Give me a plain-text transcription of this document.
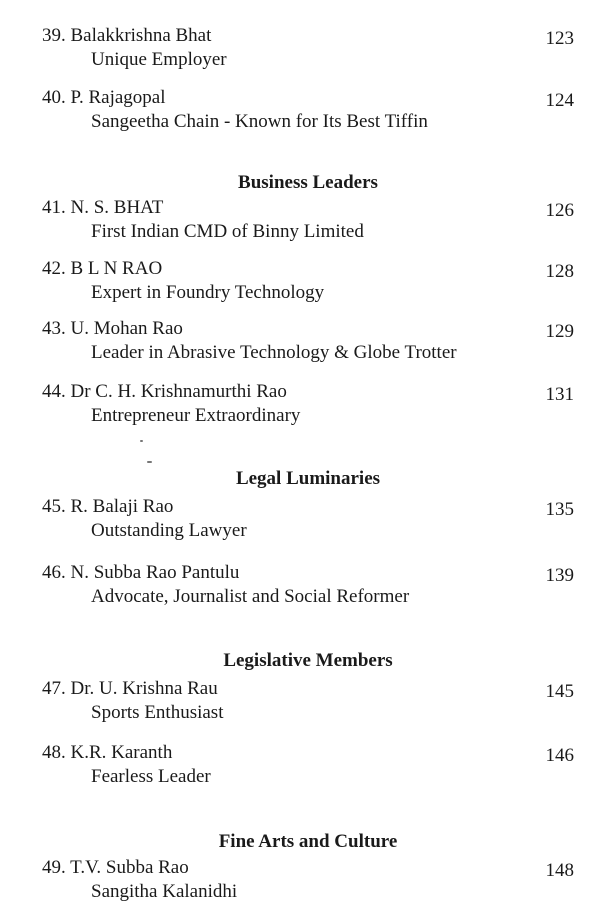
39. Balakkrishna Bhat
Unique Employer
123
40. P. Rajagopal
Sangeetha Chain - Known for Its Best Tiffin
124
Business Leaders
41. N. S. BHAT
First Indian CMD of Binny Limited
126
42. B L N RAO
Expert in Foundry Technology
128
43. U. Mohan Rao
Leader in Abrasive Technology & Globe Trotter
129
44. Dr C. H. Krishnamurthi Rao
Entrepreneur Extraordinary
131
Legal Luminaries
45. R. Balaji Rao
Outstanding Lawyer
135
46. N. Subba Rao Pantulu
Advocate, Journalist and Social Reformer
139
Legislative Members
47. Dr. U. Krishna Rau
Sports Enthusiast
145
48. K.R. Karanth
Fearless Leader
146
Fine Arts and Culture
49. T.V. Subba Rao
Sangitha Kalanidhi
148
